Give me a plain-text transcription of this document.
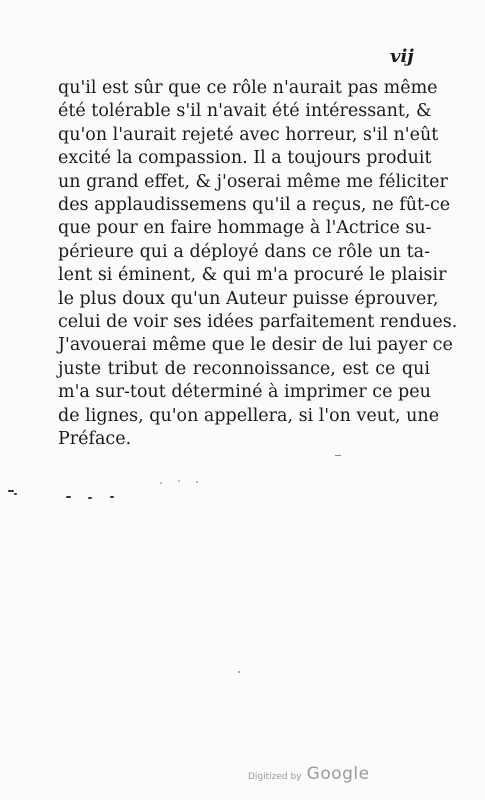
vij
qu'il est sûr que ce rôle n'aurait pas même
été tolérable s'il n'avait été intéressant, &
qu'on l'aurait rejeté avec horreur, s'il n'eût
excité la compassion. Il a toujours produit
un grand effet, & j'oserai même me féliciter
des applaudissemens qu'il a reçus, ne fût-ce
que pour en faire hommage à l'Actrice su-
périeure qui a déployé dans ce rôle un ta-
lent si éminent, & qui m'a procuré le plaisir
le plus doux qu'un Auteur puisse éprouver,
celui de voir ses idées parfaitement rendues.
J'avouerai même que le desir de lui payer ce
juste tribut de reconnoissance, est ce qui
m'a sur-tout déterminé à imprimer ce peu
de lignes, qu'on appellera, si l'on veut, une
Préface.
Digitized by Google
